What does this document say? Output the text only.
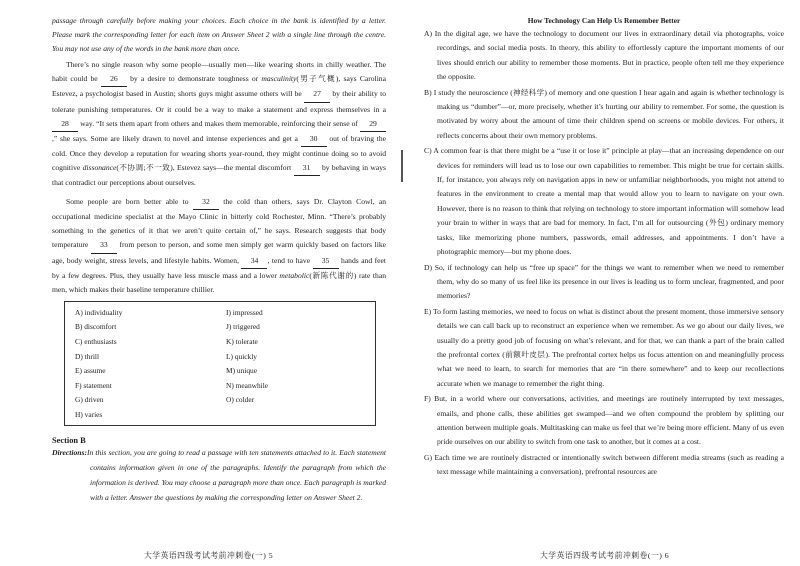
passage through carefully before making your choices. Each choice in the bank is identified by a letter. Please mark the corresponding letter for each item on Answer Sheet 2 with a single line through the centre. You may not use any of the words in the bank more than once.

There’s no single reason why some people—usually men—like wearing shorts in chilly weather. The habit could be 26 by a desire to demonstrate toughness or masculinity(男子气概), says Carolina Estevez, a psychologist based in Austin; shorts guys might assume others will be 27 by their ability to tolerate punishing temperatures. Or it could be a way to make a statement and express themselves in a 28 way. “It sets them apart from others and makes them memorable, reinforcing their sense of 29,” she says. Some are likely drawn to novel and intense experiences and get a 30 out of braving the cold. Once they develop a reputation for wearing shorts year-round, they might continue doing so to avoid cognitive dissonance(不协调;不一致), Estevez says—the mental discomfort 31 by behaving in ways that contradict our perceptions about ourselves.

Some people are born better able to 32 the cold than others, says Dr. Clayton Cowl, an occupational medicine specialist at the Mayo Clinic in bitterly cold Rochester, Minn. “There’s probably something to the genetics of it that we aren’t quite certain of,” he says. Research suggests that body temperature 33 from person to person, and some men simply get warm quickly based on factors like age, body weight, stress levels, and lifestyle habits. Women, 34 , tend to have 35 hands and feet by a few degrees. Plus, they usually have less muscle mass and a lower metabolic(新陈代谢的) rate than men, which makes their baseline temperature chillier.

A) individuality
B) discomfort
C) enthusiasts
D) thrill
E) assume
F) statement
G) driven
H) varies
I) impressed
J) triggered
K) tolerate
L) quickly
M) unique
N) meanwhile
O) colder
Section B

Directions:In this section, you are going to read a passage with ten statements attached to it. Each statement contains information given in one of the paragraphs. Identify the paragraph from which the information is derived. You may choose a paragraph more than once. Each paragraph is marked with a letter. Answer the questions by making the corresponding letter on Answer Sheet 2.

大学英语四级考试考前冲刺卷(一) 5
How Technology Can Help Us Remember Better

A) In the digital age, we have the technology to document our lives in extraordinary detail via photographs, voice recordings, and social media posts. In theory, this ability to effortlessly capture the important moments of our lives should enrich our ability to remember those moments. But in practice, people often tell me they experience the opposite.

B) I study the neuroscience (神经科学) of memory and one question I hear again and again is whether technology is making us “dumber”—or, more precisely, whether it’s hurting our ability to remember. For some, the question is motivated by worry about the amount of time their children spend on screens or mobile devices. For others, it reflects concerns about their own memory problems.

C) A common fear is that there might be a “use it or lose it” principle at play—that an increasing dependence on our devices for reminders will lead us to lose our own capabilities to remember. This might be true for certain skills. If, for instance, you always rely on navigation apps in new or unfamiliar neighborhoods, you might not attend to features in the environment to create a mental map that would allow you to learn to navigate on your own. However, there is no reason to think that relying on technology to store important information will somehow lead your brain to wither in ways that are bad for memory. In fact, I’m all for outsourcing (外包) ordinary memory tasks, like memorizing phone numbers, passwords, email addresses, and appointments. I don’t have a photographic memory—but my phone does.

D) So, if technology can help us “free up space” for the things we want to remember when we need to remember them, why do so many of us feel like its presence in our lives is leading us to form unclear, fragmented, and poor memories?

E) To form lasting memories, we need to focus on what is distinct about the present moment, those immersive sensory details we can call back up to reconstruct an experience when we remember. As we go about our daily lives, we usually do a pretty good job of focusing on what’s relevant, and for that, we can thank a part of the brain called the prefrontal cortex (前额叶皮层). The prefrontal cortex helps us focus attention on and meaningfully process what we need to learn, to search for memories that are “in there somewhere” and to keep our recollections accurate when we manage to remember the right thing.

F) But, in a world where our conversations, activities, and meetings are routinely interrupted by text messages, emails, and phone calls, these abilities get swamped—and we often compound the problem by splitting our attention between multiple goals. Multitasking can make us feel that we’re being more efficient. Many of us even pride ourselves on our ability to switch from one task to another, but it comes at a cost.

G) Each time we are routinely distracted or intentionally switch between different media streams (such as reading a text message while maintaining a conversation), prefrontal resources are

大学英语四级考试考前冲刺卷(一) 6
